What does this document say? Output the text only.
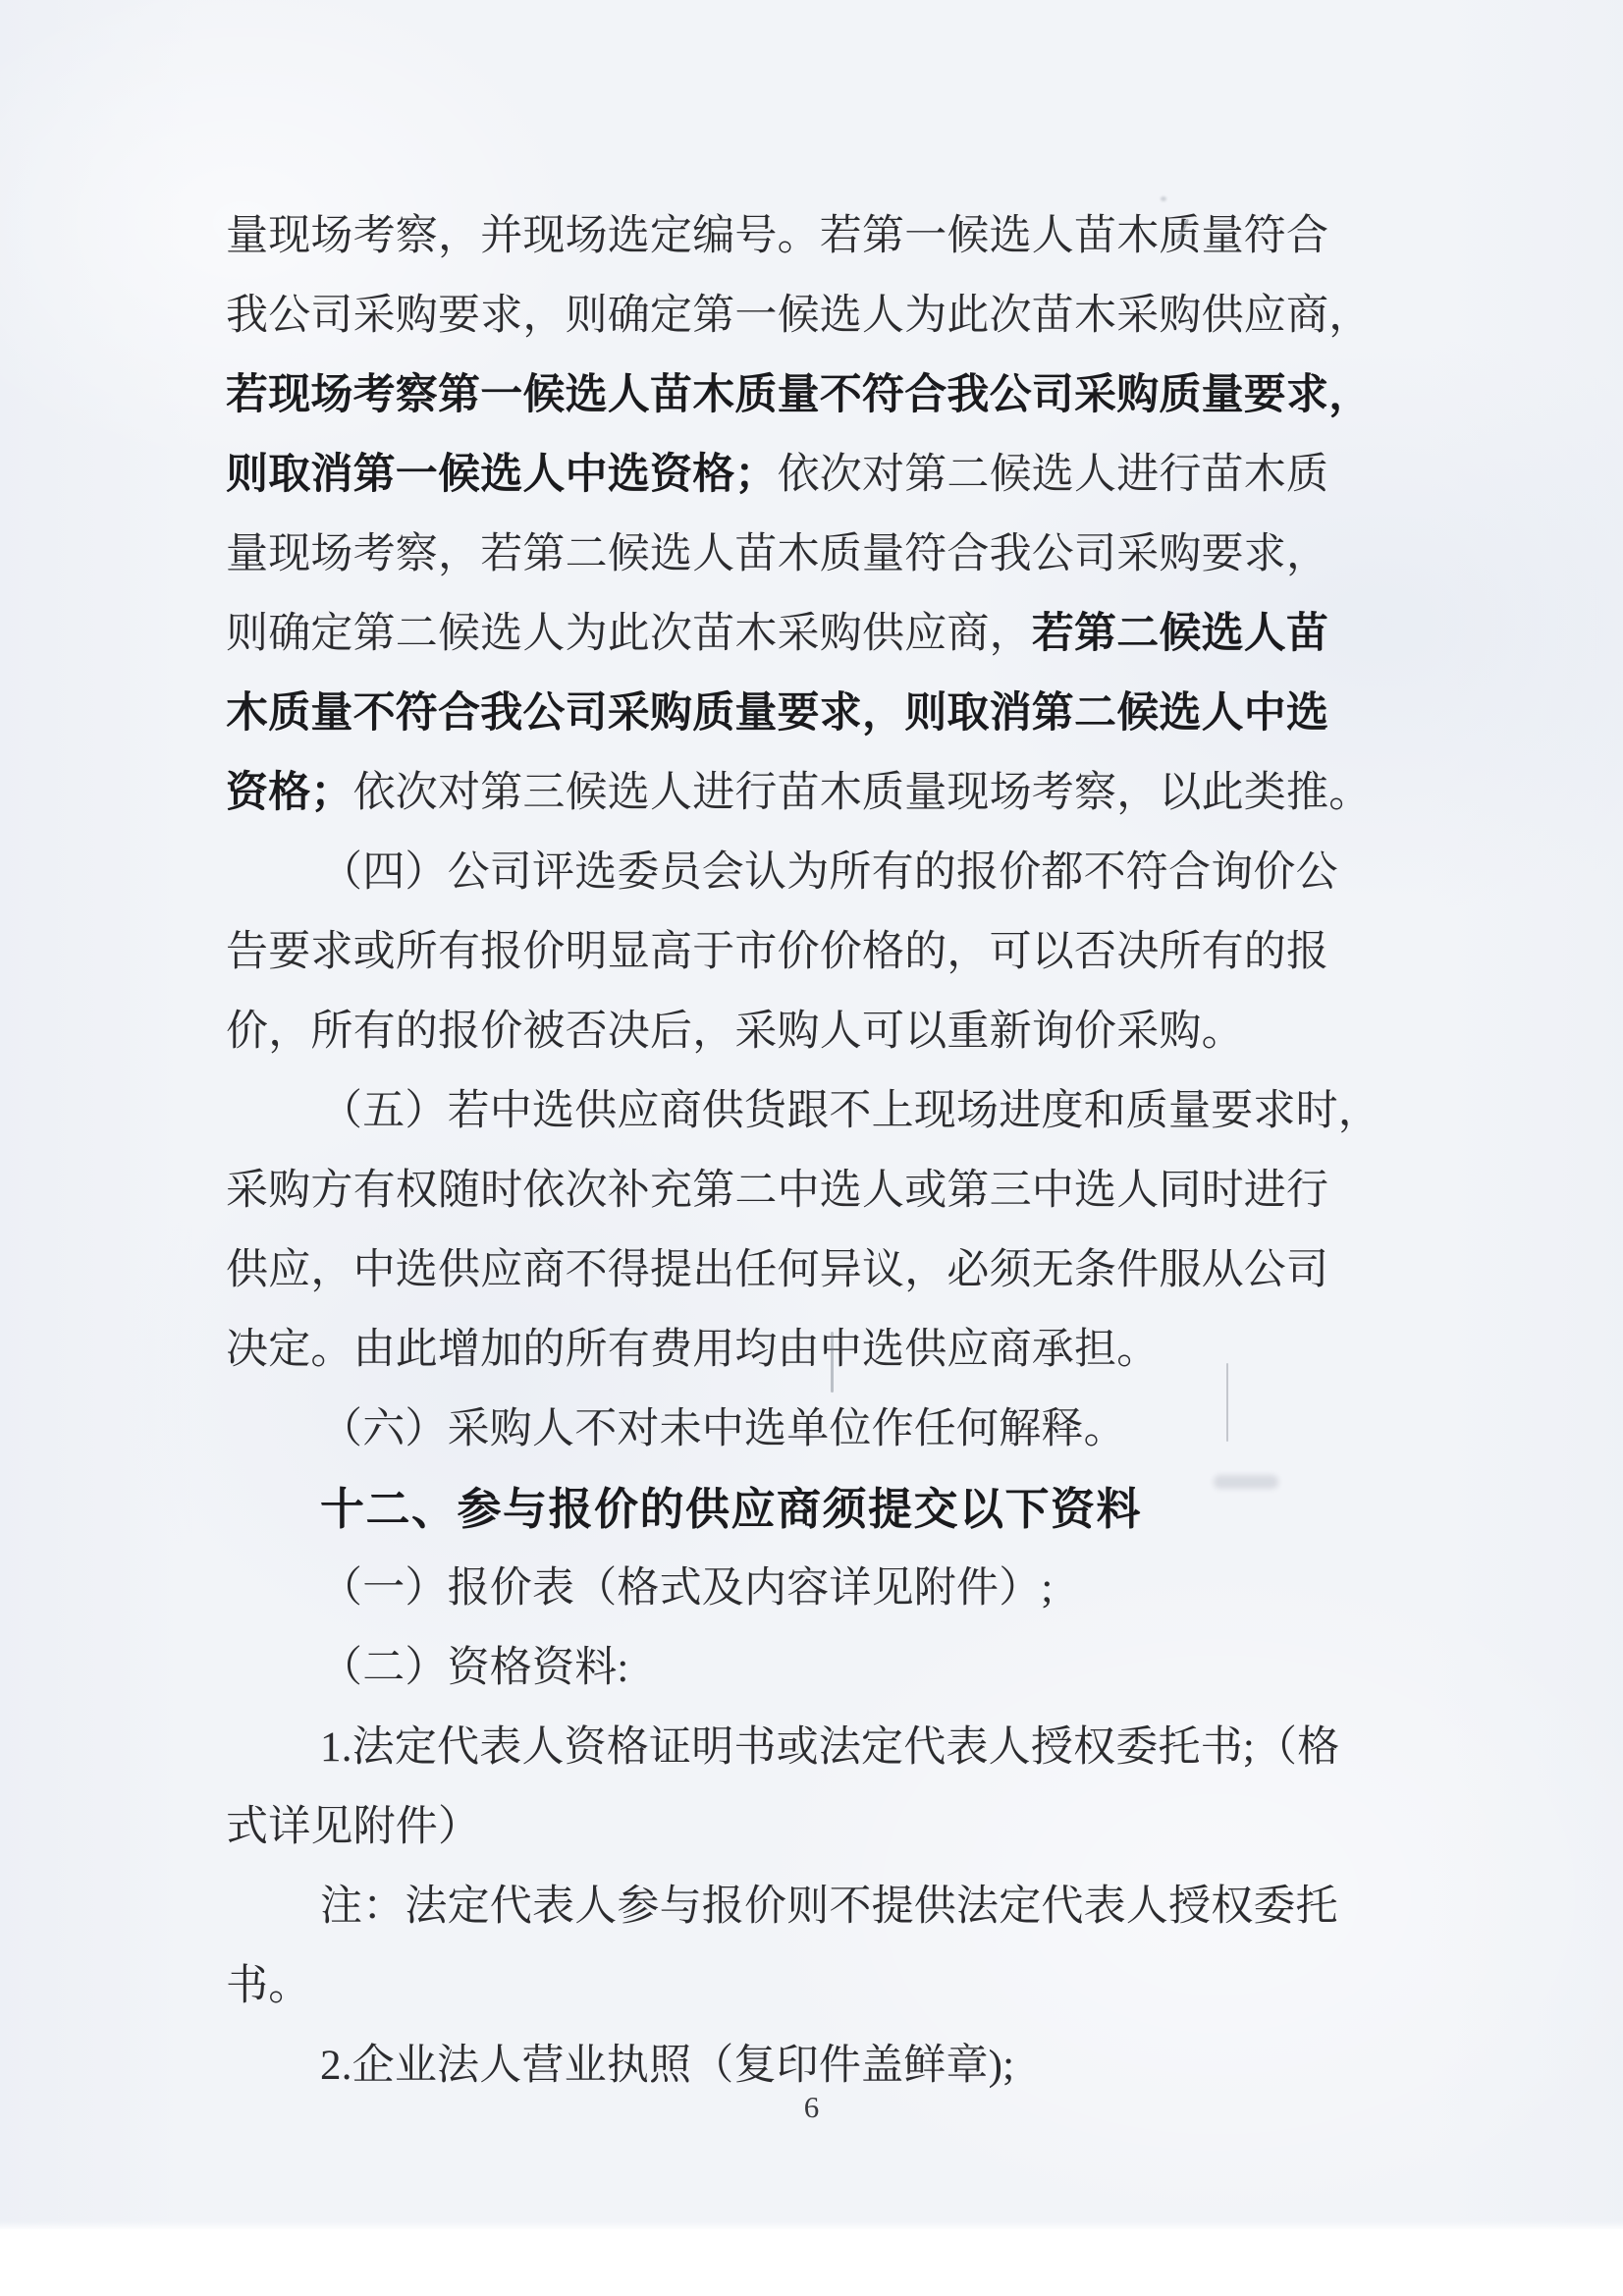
量现场考察，并现场选定编号。若第一候选人苗木质量符合
我公司采购要求，则确定第一候选人为此次苗木采购供应商，
若现场考察第一候选人苗木质量不符合我公司采购质量要求，
则取消第一候选人中选资格；依次对第二候选人进行苗木质
量现场考察，若第二候选人苗木质量符合我公司采购要求，
则确定第二候选人为此次苗木采购供应商，若第二候选人苗
木质量不符合我公司采购质量要求，则取消第二候选人中选
资格；依次对第三候选人进行苗木质量现场考察，以此类推。
（四）公司评选委员会认为所有的报价都不符合询价公
告要求或所有报价明显高于市价价格的，可以否决所有的报
价，所有的报价被否决后，采购人可以重新询价采购。
（五）若中选供应商供货跟不上现场进度和质量要求时，
采购方有权随时依次补充第二中选人或第三中选人同时进行
供应，中选供应商不得提出任何异议，必须无条件服从公司
决定。由此增加的所有费用均由中选供应商承担。
（六）采购人不对未中选单位作任何解释。
十二、参与报价的供应商须提交以下资料
（一）报价表（格式及内容详见附件）;
（二）资格资料:
1.法定代表人资格证明书或法定代表人授权委托书;（格
式详见附件）
注：法定代表人参与报价则不提供法定代表人授权委托
书。
2.企业法人营业执照（复印件盖鲜章);
6
